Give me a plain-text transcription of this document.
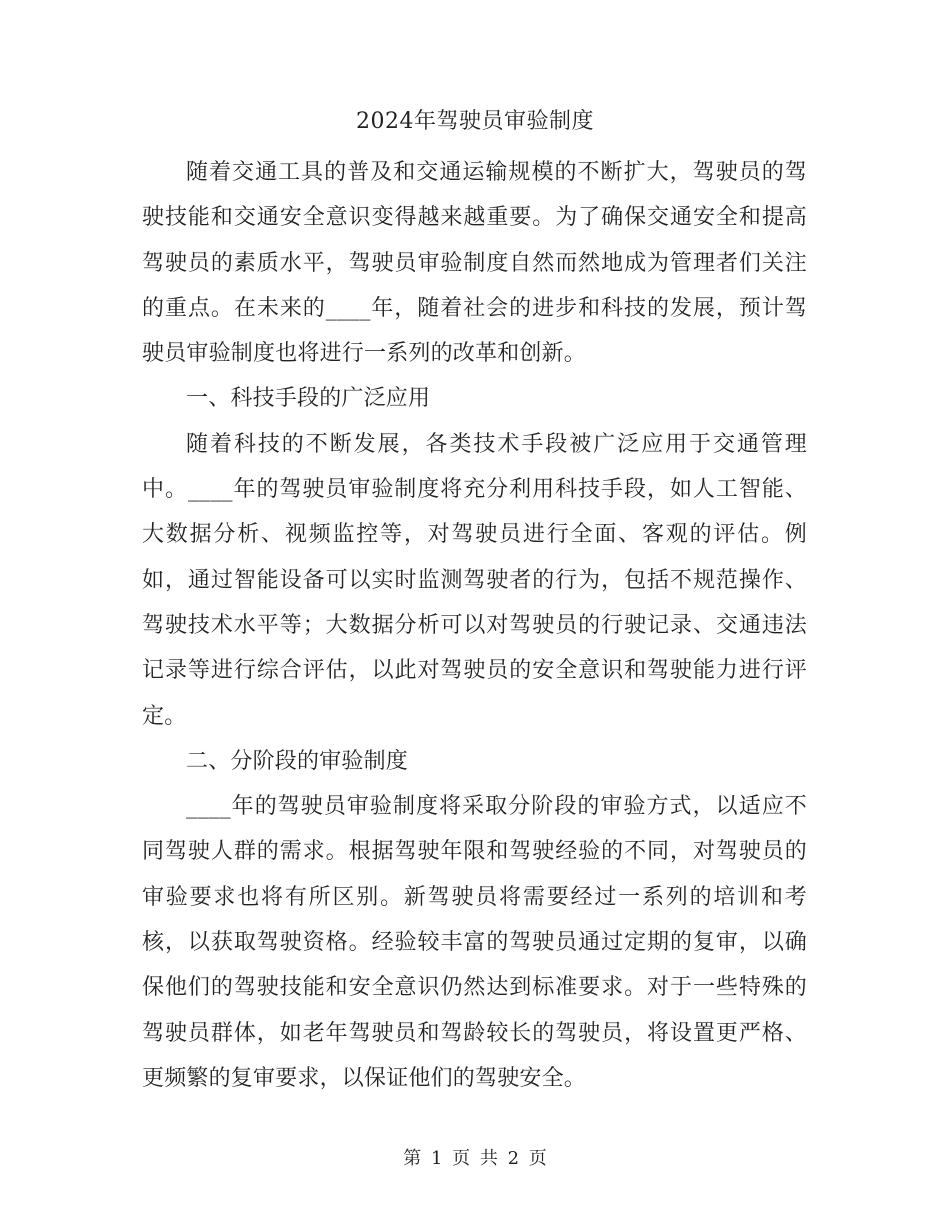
2024年驾驶员审验制度

随着交通工具的普及和交通运输规模的不断扩大，驾驶员的驾驶技能和交通安全意识变得越来越重要。为了确保交通安全和提高驾驶员的素质水平，驾驶员审验制度自然而然地成为管理者们关注的重点。在未来的____年，随着社会的进步和科技的发展，预计驾驶员审验制度也将进行一系列的改革和创新。

一、科技手段的广泛应用

随着科技的不断发展，各类技术手段被广泛应用于交通管理中。____年的驾驶员审验制度将充分利用科技手段，如人工智能、大数据分析、视频监控等，对驾驶员进行全面、客观的评估。例如，通过智能设备可以实时监测驾驶者的行为，包括不规范操作、驾驶技术水平等；大数据分析可以对驾驶员的行驶记录、交通违法记录等进行综合评估，以此对驾驶员的安全意识和驾驶能力进行评定。

二、分阶段的审验制度

____年的驾驶员审验制度将采取分阶段的审验方式，以适应不同驾驶人群的需求。根据驾驶年限和驾驶经验的不同，对驾驶员的审验要求也将有所区别。新驾驶员将需要经过一系列的培训和考核，以获取驾驶资格。经验较丰富的驾驶员通过定期的复审，以确保他们的驾驶技能和安全意识仍然达到标准要求。对于一些特殊的驾驶员群体，如老年驾驶员和驾龄较长的驾驶员，将设置更严格、更频繁的复审要求，以保证他们的驾驶安全。

第 1 页 共 2 页
